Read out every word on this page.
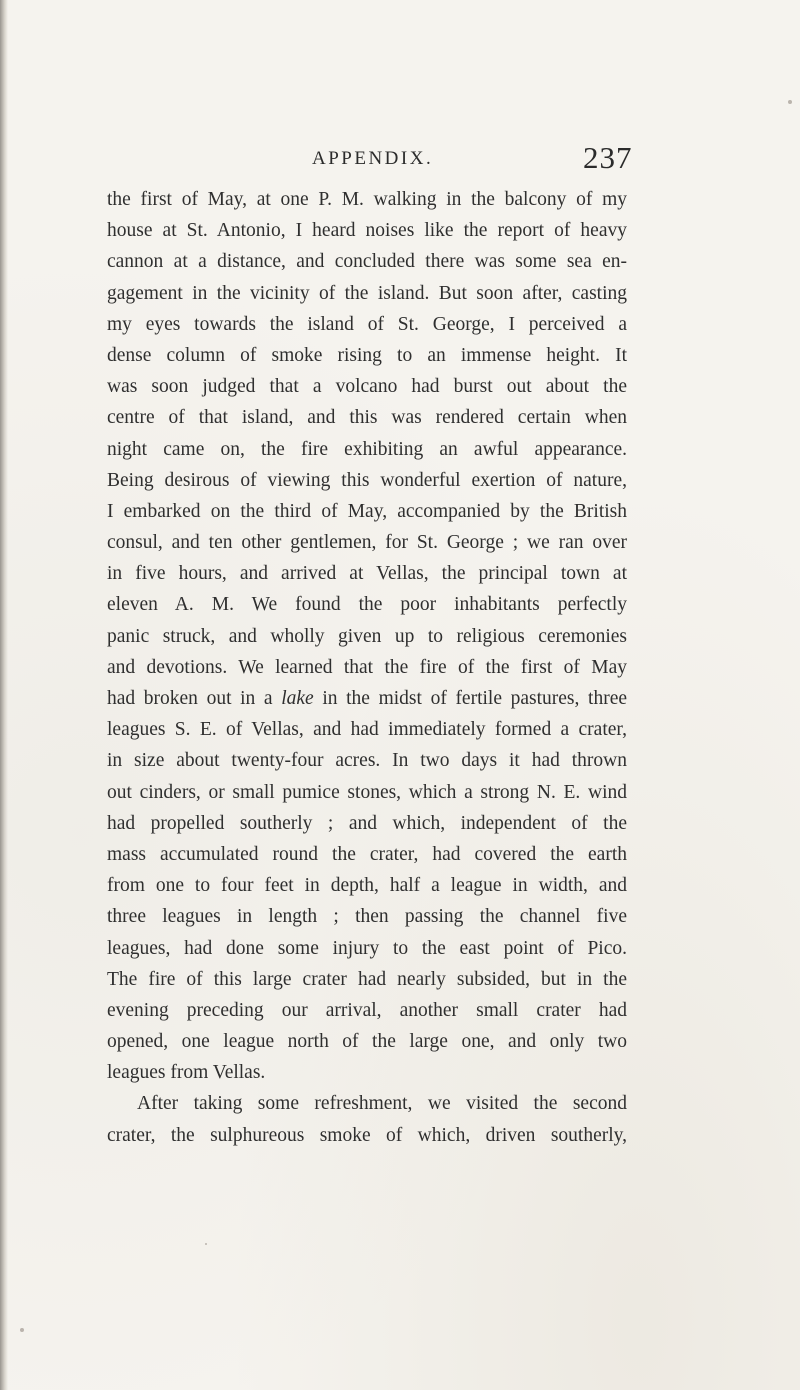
APPENDIX.	237
the first of May, at one P. M. walking in the balcony of my
house at St. Antonio, I heard noises like the report of heavy
cannon at a distance, and concluded there was some sea en-
gagement in the vicinity of the island. But soon after, casting
my eyes towards the island of St. George, I perceived a
dense column of smoke rising to an immense height. It
was soon judged that a volcano had burst out about the
centre of that island, and this was rendered certain when
night came on, the fire exhibiting an awful appearance.
Being desirous of viewing this wonderful exertion of nature,
I embarked on the third of May, accompanied by the British
consul, and ten other gentlemen, for St. George ; we ran over
in five hours, and arrived at Vellas, the principal town at
eleven A. M. We found the poor inhabitants perfectly
panic struck, and wholly given up to religious ceremonies
and devotions. We learned that the fire of the first of May
had broken out in a lake in the midst of fertile pastures, three
leagues S. E. of Vellas, and had immediately formed a crater,
in size about twenty-four acres. In two days it had thrown
out cinders, or small pumice stones, which a strong N. E. wind
had propelled southerly ; and which, independent of the
mass accumulated round the crater, had covered the earth
from one to four feet in depth, half a league in width, and
three leagues in length ; then passing the channel five
leagues, had done some injury to the east point of Pico.
The fire of this large crater had nearly subsided, but in the
evening preceding our arrival, another small crater had
opened, one league north of the large one, and only two
leagues from Vellas.
After taking some refreshment, we visited the second
crater, the sulphureous smoke of which, driven southerly,
